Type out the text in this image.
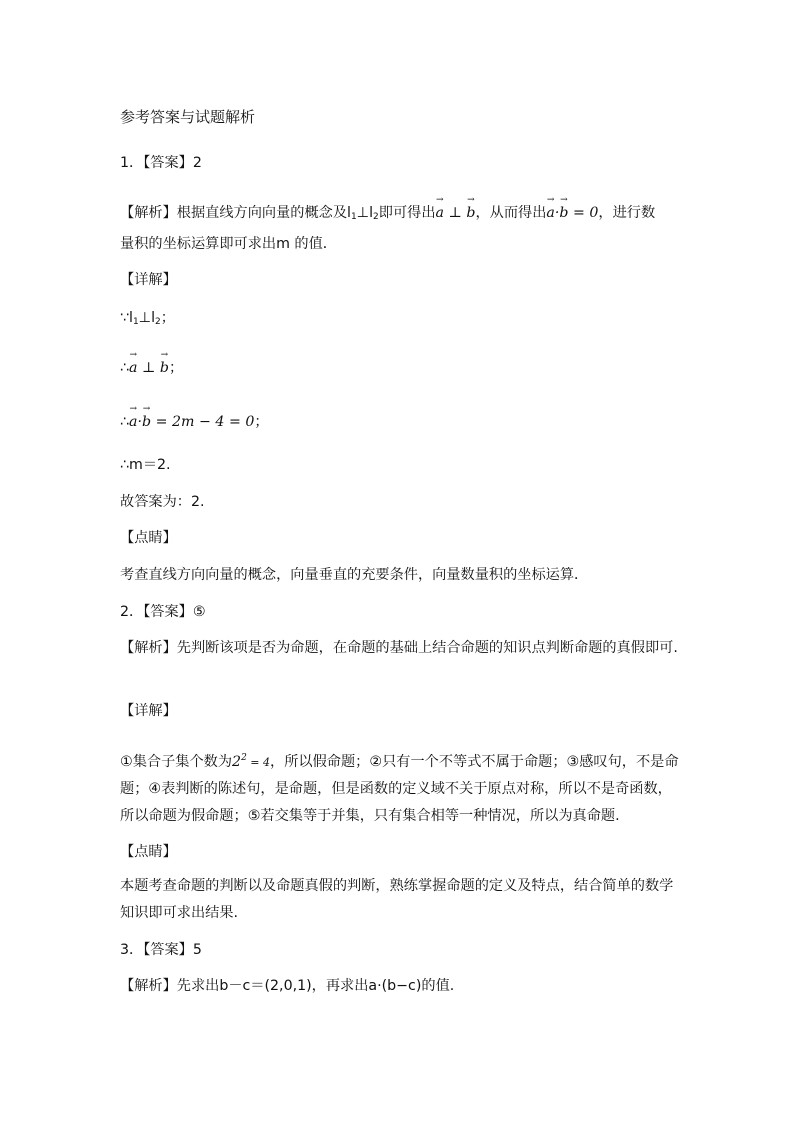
参考答案与试题解析
1．【答案】2
【解析】根据直线方向向量的概念及$l_1\perp l_2$即可得出→ a ⊥ → b，从而得出→ a·→ b = 0，进行数
量积的坐标运算即可求出m 的值．
【详解】
$\because l_1\perp l_2$；
∴→ a ⊥ → b；
∴→ a·→ b = 2m − 4 = 0；
∴m＝2.
故答案为：2.
【点睛】
考查直线方向向量的概念，向量垂直的充要条件，向量数量积的坐标运算．
2．【答案】⑤
【解析】先判断该项是否为命题，在命题的基础上结合命题的知识点判断命题的真假即可.
【详解】
①集合子集个数为$2^2 = 4$，所以假命题；②只有一个不等式不属于命题；③感叹句，不是命题；④表判断的陈述句，是命题，但是函数的定义域不关于原点对称，所以不是奇函数，所以命题为假命题；⑤若交集等于并集，只有集合相等一种情况，所以为真命题.
【点睛】
本题考查命题的判断以及命题真假的判断，熟练掌握命题的定义及特点，结合简单的数学知识即可求出结果.
3．【答案】5
【解析】先求出b－c＝(2,0,1)，再求出a·(b−c)的值.
